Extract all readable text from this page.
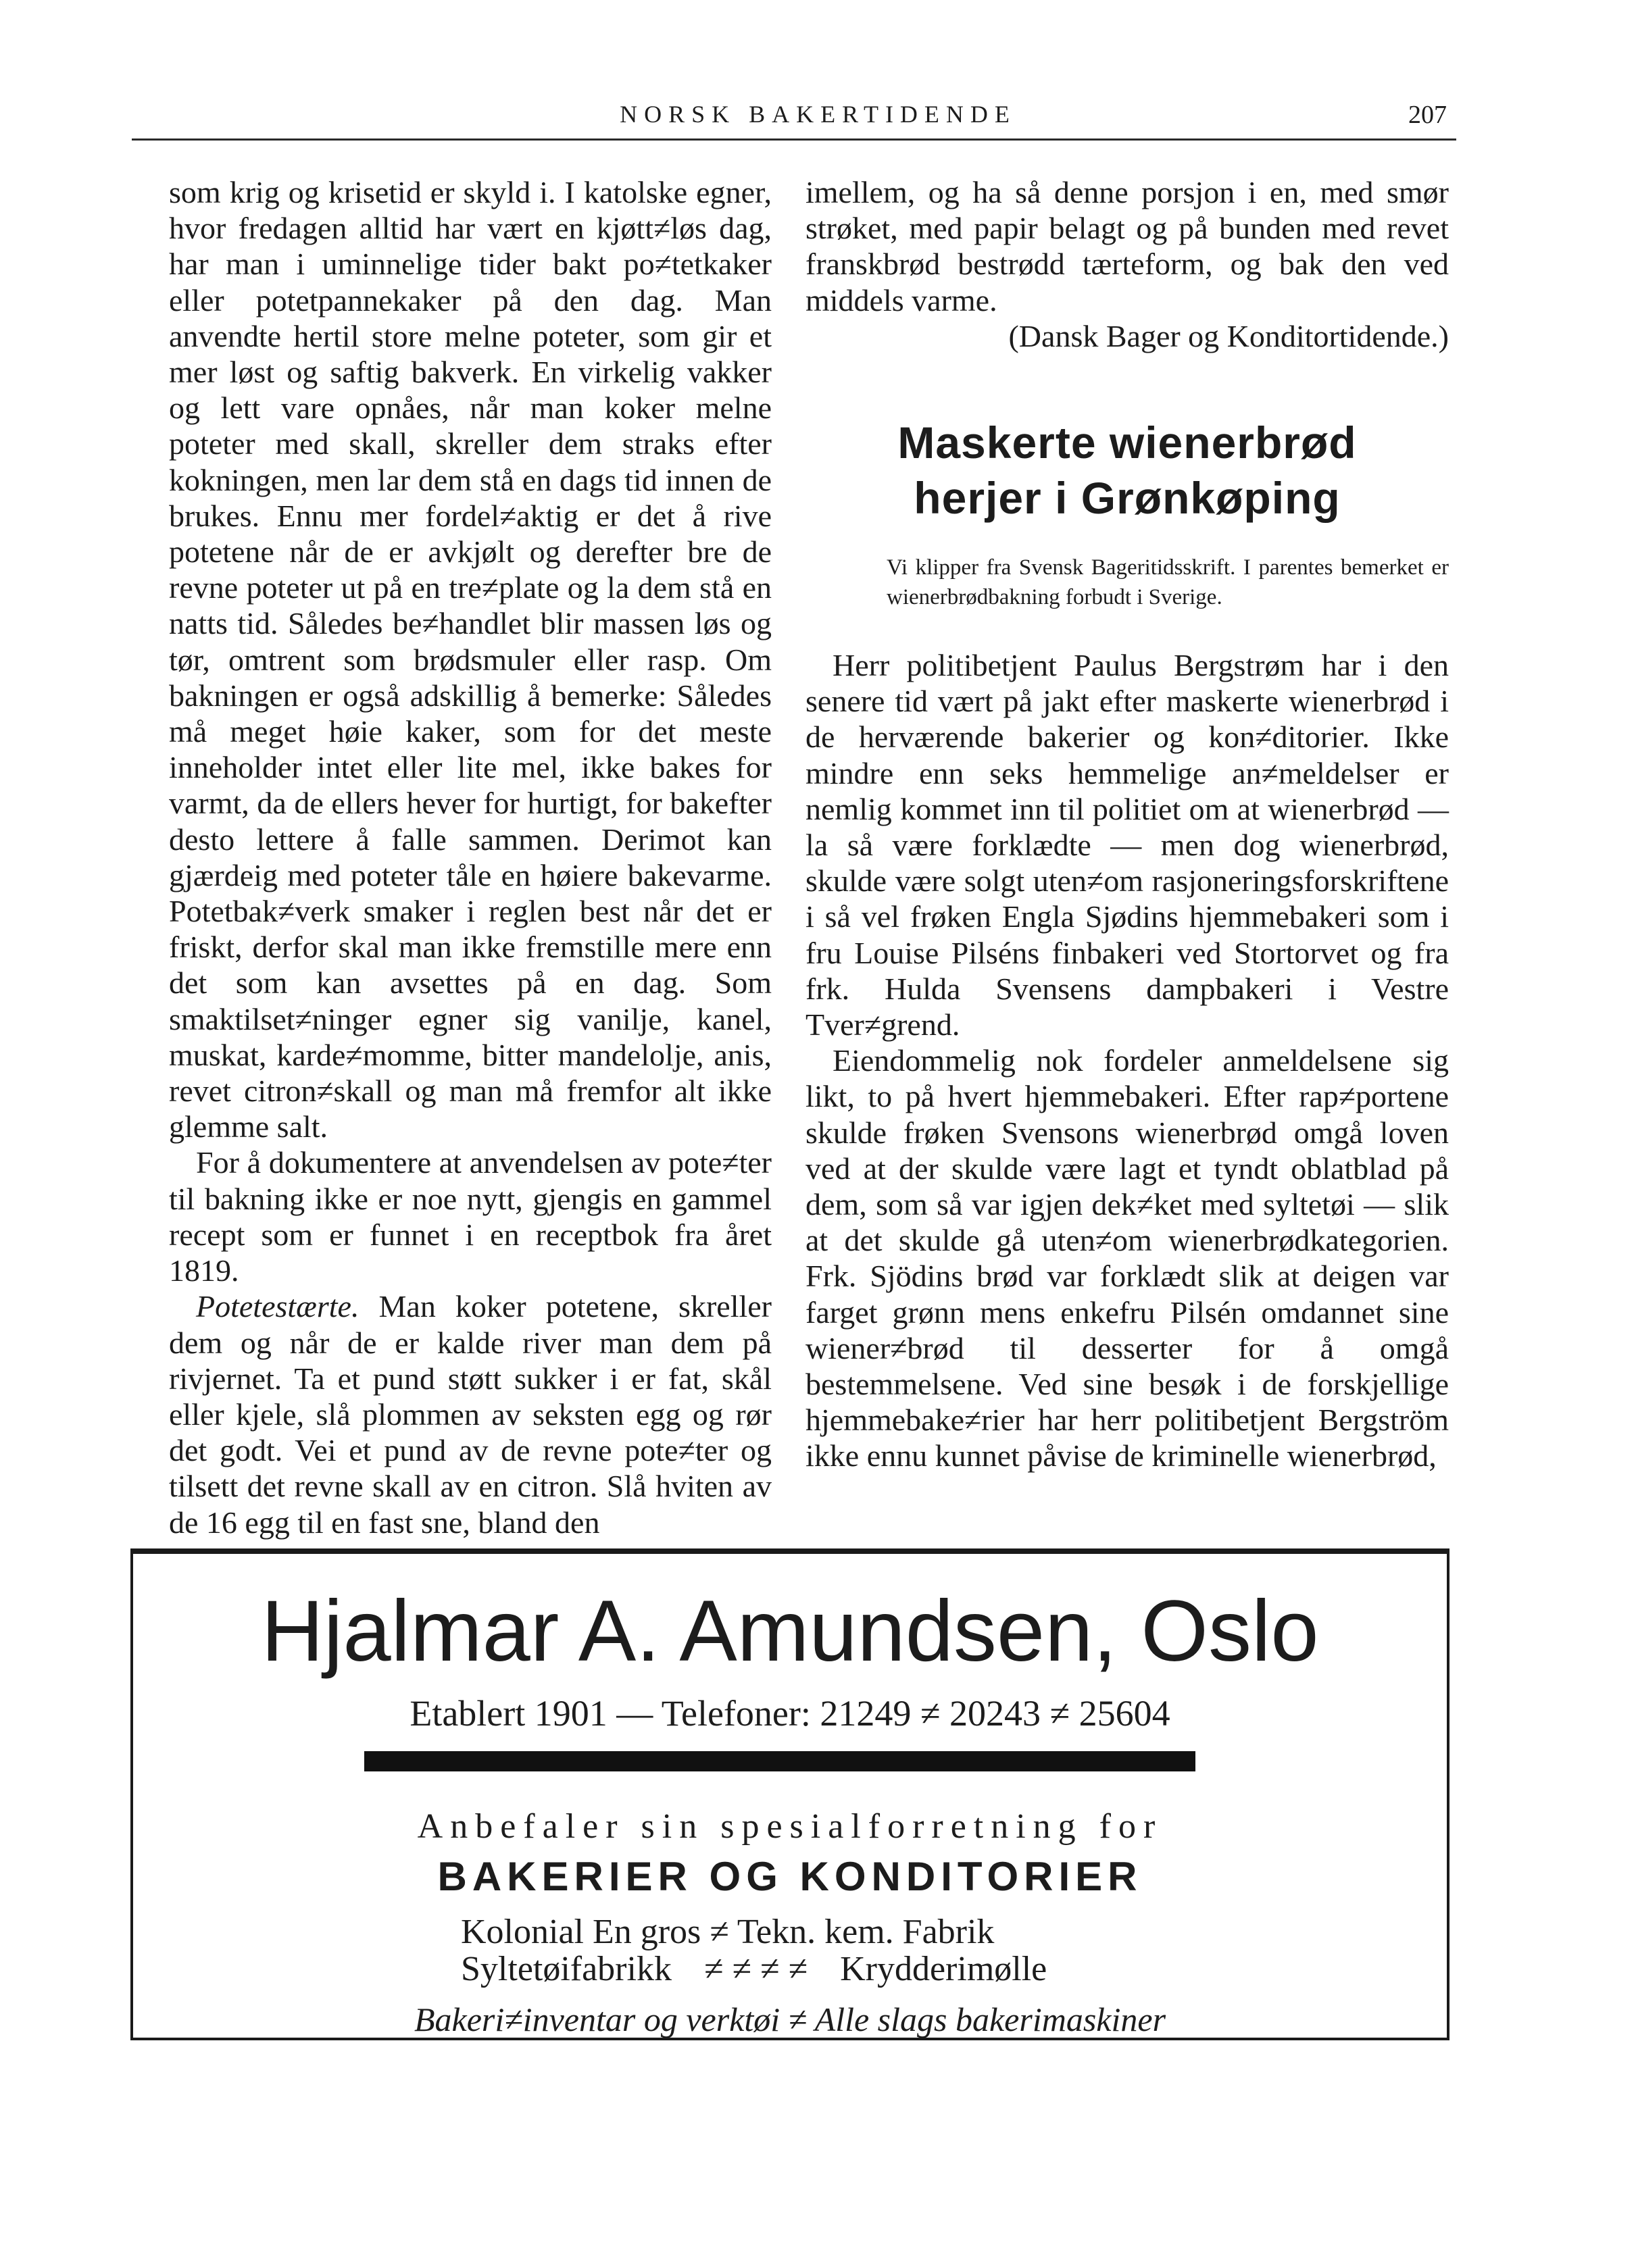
NORSK BAKERTIDENDE	207

som krig og krisetid er skyld i. I katolske egner, hvor fredagen alltid har vært en kjøtt≠løs dag, har man i uminnelige tider bakt po≠tetkaker eller potetpannekaker på den dag. Man anvendte hertil store melne poteter, som gir et mer løst og saftig bakverk. En virkelig vakker og lett vare opnåes, når man koker melne poteter med skall, skreller dem straks efter kokningen, men lar dem stå en dags tid innen de brukes. Ennu mer fordel≠aktig er det å rive potetene når de er avkjølt og derefter bre de revne poteter ut på en tre≠plate og la dem stå en natts tid. Således be≠handlet blir massen løs og tør, omtrent som brødsmuler eller rasp. Om bakningen er også adskillig å bemerke: Således må meget høie kaker, som for det meste inneholder intet eller lite mel, ikke bakes for varmt, da de ellers hever for hurtigt, for bakefter desto lettere å falle sammen. Derimot kan gjærdeig med poteter tåle en høiere bakevarme. Potetbak≠verk smaker i reglen best når det er friskt, derfor skal man ikke fremstille mere enn det som kan avsettes på en dag. Som smaktilset≠ninger egner sig vanilje, kanel, muskat, karde≠momme, bitter mandelolje, anis, revet citron≠skall og man må fremfor alt ikke glemme salt.

For å dokumentere at anvendelsen av pote≠ter til bakning ikke er noe nytt, gjengis en gammel recept som er funnet i en receptbok fra året 1819.

Potetestærte. Man koker potetene, skreller dem og når de er kalde river man dem på rivjernet. Ta et pund støtt sukker i er fat, skål eller kjele, slå plommen av seksten egg og rør det godt. Vei et pund av de revne pote≠ter og tilsett det revne skall av en citron. Slå hviten av de 16 egg til en fast sne, bland den

imellem, og ha så denne porsjon i en, med smør strøket, med papir belagt og på bunden med revet franskbrød bestrødd tærteform, og bak den ved middels varme.

(Dansk Bager og Konditortidende.)

Maskerte wienerbrød
herjer i Grønkøping
Vi klipper fra Svensk Bageritidsskrift. I parentes bemerket er wienerbrødbakning forbudt i Sverige.

Herr politibetjent Paulus Bergstrøm har i den senere tid vært på jakt efter maskerte wienerbrød i de herværende bakerier og kon≠ditorier. Ikke mindre enn seks hemmelige an≠meldelser er nemlig kommet inn til politiet om at wienerbrød — la så være forklædte — men dog wienerbrød, skulde være solgt uten≠om rasjoneringsforskriftene i så vel frøken Engla Sjødins hjemmebakeri som i fru Louise Pilséns finbakeri ved Stortorvet og fra frk. Hulda Svensens dampbakeri i Vestre Tver≠grend.

Eiendommelig nok fordeler anmeldelsene sig likt, to på hvert hjemmebakeri. Efter rap≠portene skulde frøken Svensons wienerbrød omgå loven ved at der skulde være lagt et tyndt oblatblad på dem, som så var igjen dek≠ket med syltetøi — slik at det skulde gå uten≠om wienerbrødkategorien. Frk. Sjödins brød var forklædt slik at deigen var farget grønn mens enkefru Pilsén omdannet sine wiener≠brød til desserter for å omgå bestemmelsene. Ved sine besøk i de forskjellige hjemmebake≠rier har herr politibetjent Bergström ikke ennu kunnet påvise de kriminelle wienerbrød,

Hjalmar A. Amundsen, Oslo
Etablert 1901 — Telefoner: 21249 ≠ 20243 ≠ 25604
Anbefaler sin spesialforretning for
BAKERIER OG KONDITORIER
Kolonial En gros ≠ Tekn. kem. Fabrik
Syltetøifabrikk ≠ ≠ ≠ ≠ Krydderimølle
Bakeri≠inventar og verktøi ≠ Alle slags bakerimaskiner
